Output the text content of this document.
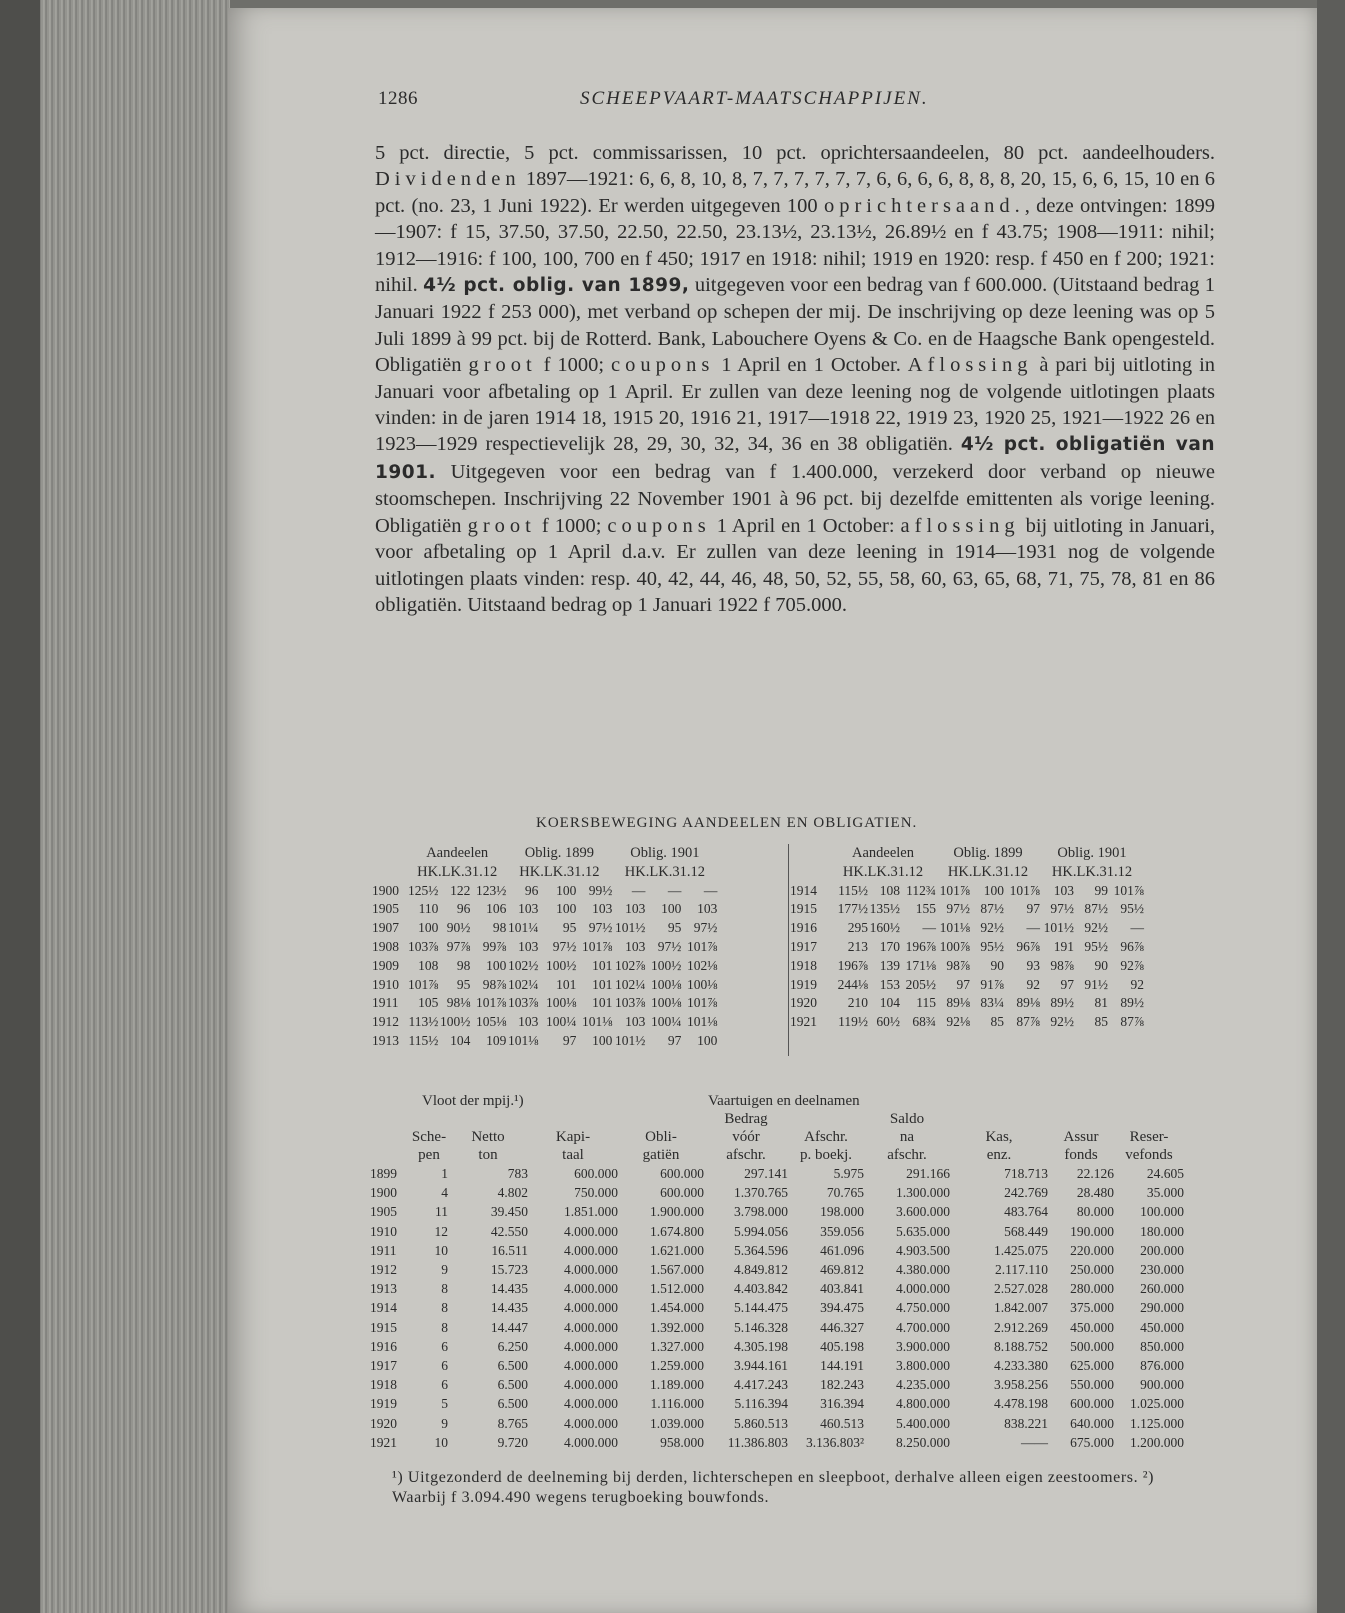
1286	SCHEEPVAART-MAATSCHAPPIJEN.

5 pct. directie, 5 pct. commissarissen, 10 pct. oprichtersaandeelen, 80 pct. aandeelhouders. Dividenden 1897—1921: 6, 6, 8, 10, 8, 7, 7, 7, 7, 7, 7, 6, 6, 6, 6, 8, 8, 8, 20, 15, 6, 6, 15, 10 en 6 pct. (no. 23, 1 Juni 1922). Er werden uitgegeven 100 oprichtersaand., deze ontvingen: 1899—1907: f 15, 37.50, 37.50, 22.50, 22.50, 23.13½, 23.13½, 26.89½ en f 43.75; 1908—1911: nihil; 1912—1916: f 100, 100, 700 en f 450; 1917 en 1918: nihil; 1919 en 1920: resp. f 450 en f 200; 1921: nihil. 4½ pct. oblig. van 1899, uitgegeven voor een bedrag van f 600.000. (Uitstaand bedrag 1 Januari 1922 f 253 000), met verband op schepen der mij. De inschrijving op deze leening was op 5 Juli 1899 à 99 pct. bij de Rotterd. Bank, Labouchere Oyens & Co. en de Haagsche Bank opengesteld. Obligatiën groot f 1000; coupons 1 April en 1 October. Aflossing à pari bij uitloting in Januari voor afbetaling op 1 April. Er zullen van deze leening nog de volgende uitlotingen plaats vinden: in de jaren 1914 18, 1915 20, 1916 21, 1917—1918 22, 1919 23, 1920 25, 1921—1922 26 en 1923—1929 respectievelijk 28, 29, 30, 32, 34, 36 en 38 obligatiën. 4½ pct. obligatiën van 1901. Uitgegeven voor een bedrag van f 1.400.000, verzekerd door verband op nieuwe stoomschepen. Inschrijving 22 November 1901 à 96 pct. bij dezelfde emittenten als vorige leening. Obligatiën groot f 1000; coupons 1 April en 1 October: aflossing bij uitloting in Januari, voor afbetaling op 1 April d.a.v. Er zullen van deze leening in 1914—1931 nog de volgende uitlotingen plaats vinden: resp. 40, 42, 44, 46, 48, 50, 52, 55, 58, 60, 63, 65, 68, 71, 75, 78, 81 en 86 obligatiën. Uitstaand bedrag op 1 Januari 1922 f 705.000.

KOERSBEWEGING AANDEELEN EN OBLIGATIEN.
	Aandeelen			Oblig. 1899			Oblig. 1901		
	HK.LK.31.12			HK.LK.31.12			HK.LK.31.12		
1900	125½	122	123½	96	100	99½	—	—	—
1905	110	96	106	103	100	103	103	100	103
1907	100	90½	98	101¼	95	97½	101½	95	97½
1908	103⅞	97⅞	99⅞	103	97½	101⅞	103	97½	101⅞
1909	108	98	100	102½	100½	101	102⅞	100½	102⅛
1910	101⅞	95	98⅞	102¼	101	101	102¼	100⅛	100⅛
1911	105	98⅛	101⅞	103⅞	100⅛	101	103⅞	100⅛	101⅞
1912	113½	100½	105⅛	103	100¼	101⅛	103	100¼	101⅛
1913	115½	104	109	101⅛	97	100	101½	97	100
	Aandeelen			Oblig. 1899			Oblig. 1901		
	HK.LK.31.12			HK.LK.31.12			HK.LK.31.12		
1914	115½	108	112¾	101⅞	100	101⅞	103	99	101⅞
1915	177½	135½	155	97½	87½	97	97½	87½	95½
1916	295	160½	—	101⅛	92½	—	101½	92½	—
1917	213	170	196⅞	100⅞	95½	96⅞	191	95½	96⅞
1918	196⅞	139	171⅛	98⅞	90	93	98⅞	90	92⅞
1919	244⅛	153	205½	97	91⅞	92	97	91½	92
1920	210	104	115	89⅛	83¼	89⅛	89½	81	89½
1921	119½	60½	68¾	92⅛	85	87⅞	92½	85	87⅞
	Vloot der mpij.¹)				Vaartuigen en deelnamen					
					Bedrag		Saldo			
	Sche-	Netto	Kapi-	Obli-	vóór	Afschr.	na	Kas,	Assur	Reser-
	pen	ton	taal	gatiën	afschr.	p. boekj.	afschr.	enz.	fonds	vefonds
1899	1	783	600.000	600.000	297.141	5.975	291.166	718.713	22.126	24.605
1900	4	4.802	750.000	600.000	1.370.765	70.765	1.300.000	242.769	28.480	35.000
1905	11	39.450	1.851.000	1.900.000	3.798.000	198.000	3.600.000	483.764	80.000	100.000
1910	12	42.550	4.000.000	1.674.800	5.994.056	359.056	5.635.000	568.449	190.000	180.000
1911	10	16.511	4.000.000	1.621.000	5.364.596	461.096	4.903.500	1.425.075	220.000	200.000
1912	9	15.723	4.000.000	1.567.000	4.849.812	469.812	4.380.000	2.117.110	250.000	230.000
1913	8	14.435	4.000.000	1.512.000	4.403.842	403.841	4.000.000	2.527.028	280.000	260.000
1914	8	14.435	4.000.000	1.454.000	5.144.475	394.475	4.750.000	1.842.007	375.000	290.000
1915	8	14.447	4.000.000	1.392.000	5.146.328	446.327	4.700.000	2.912.269	450.000	450.000
1916	6	6.250	4.000.000	1.327.000	4.305.198	405.198	3.900.000	8.188.752	500.000	850.000
1917	6	6.500	4.000.000	1.259.000	3.944.161	144.191	3.800.000	4.233.380	625.000	876.000
1918	6	6.500	4.000.000	1.189.000	4.417.243	182.243	4.235.000	3.958.256	550.000	900.000
1919	5	6.500	4.000.000	1.116.000	5.116.394	316.394	4.800.000	4.478.198	600.000	1.025.000
1920	9	8.765	4.000.000	1.039.000	5.860.513	460.513	5.400.000	838.221	640.000	1.125.000
1921	10	9.720	4.000.000	958.000	11.386.803	3.136.803²	8.250.000	——	675.000	1.200.000
¹) Uitgezonderd de deelneming bij derden, lichterschepen en sleepboot, derhalve alleen eigen zeestoomers. ²) Waarbij f 3.094.490 wegens terugboeking bouwfonds.
